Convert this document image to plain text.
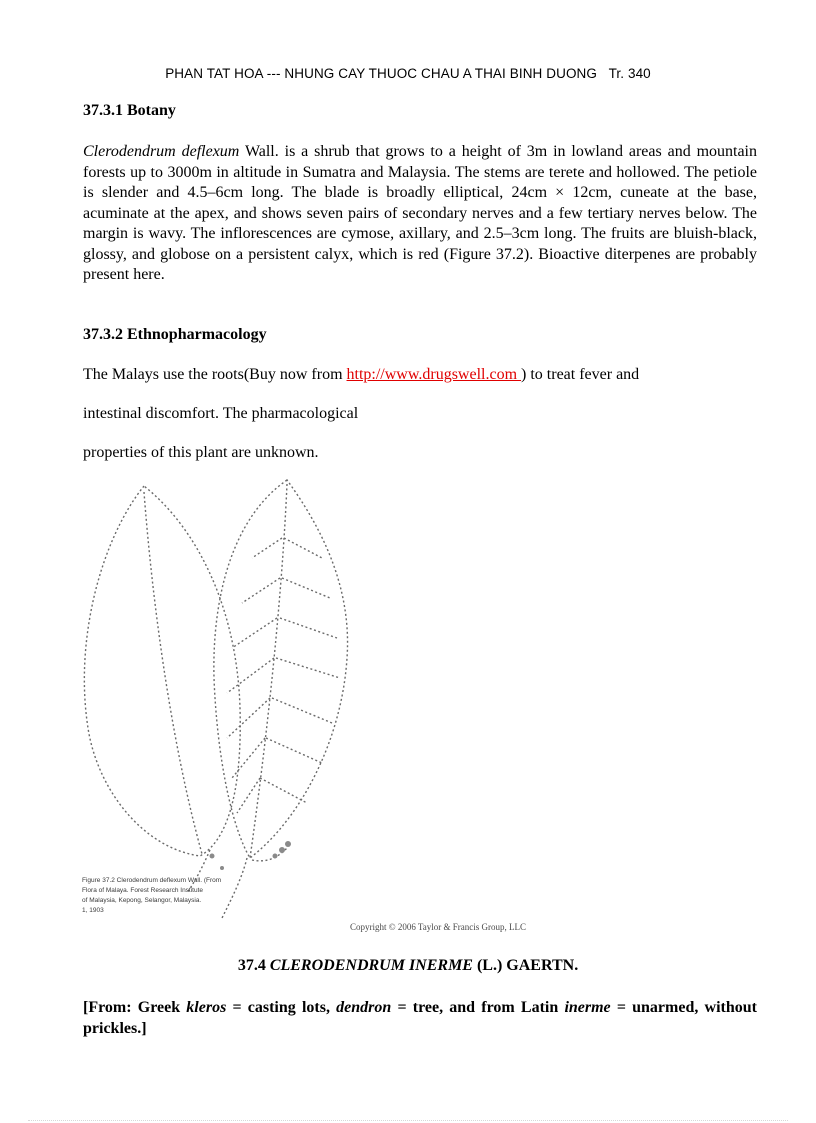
PHAN TAT HOA --- NHUNG CAY THUOC CHAU A THAI BINH DUONG Tr. 340
37.3.1 Botany
Clerodendrum deflexum Wall. is a shrub that grows to a height of 3m in lowland areas and mountain forests up to 3000m in altitude in Sumatra and Malaysia. The stems are terete and hollowed. The petiole is slender and 4.5–6cm long. The blade is broadly elliptical, 24cm × 12cm, cuneate at the base, acuminate at the apex, and shows seven pairs of secondary nerves and a few tertiary nerves below. The margin is wavy. The inflorescences are cymose, axillary, and 2.5–3cm long. The fruits are bluish-black, glossy, and globose on a persistent calyx, which is red (Figure 37.2). Bioactive diterpenes are probably present here.
37.3.2 Ethnopharmacology
The Malays use the roots(Buy now from http://www.drugswell.com ) to treat fever and
intestinal discomfort. The pharmacological
properties of this plant are unknown.
Figure 37.2 Clerodendrum deflexum Wall. (From
Flora of Malaya. Forest Research Institute
of Malaysia, Kepong, Selangor, Malaysia.
1, 1903
Copyright © 2006 Taylor & Francis Group, LLC
37.4 CLERODENDRUM INERME (L.) GAERTN.
[From: Greek kleros = casting lots, dendron = tree, and from Latin inerme = unarmed, without prickles.]
